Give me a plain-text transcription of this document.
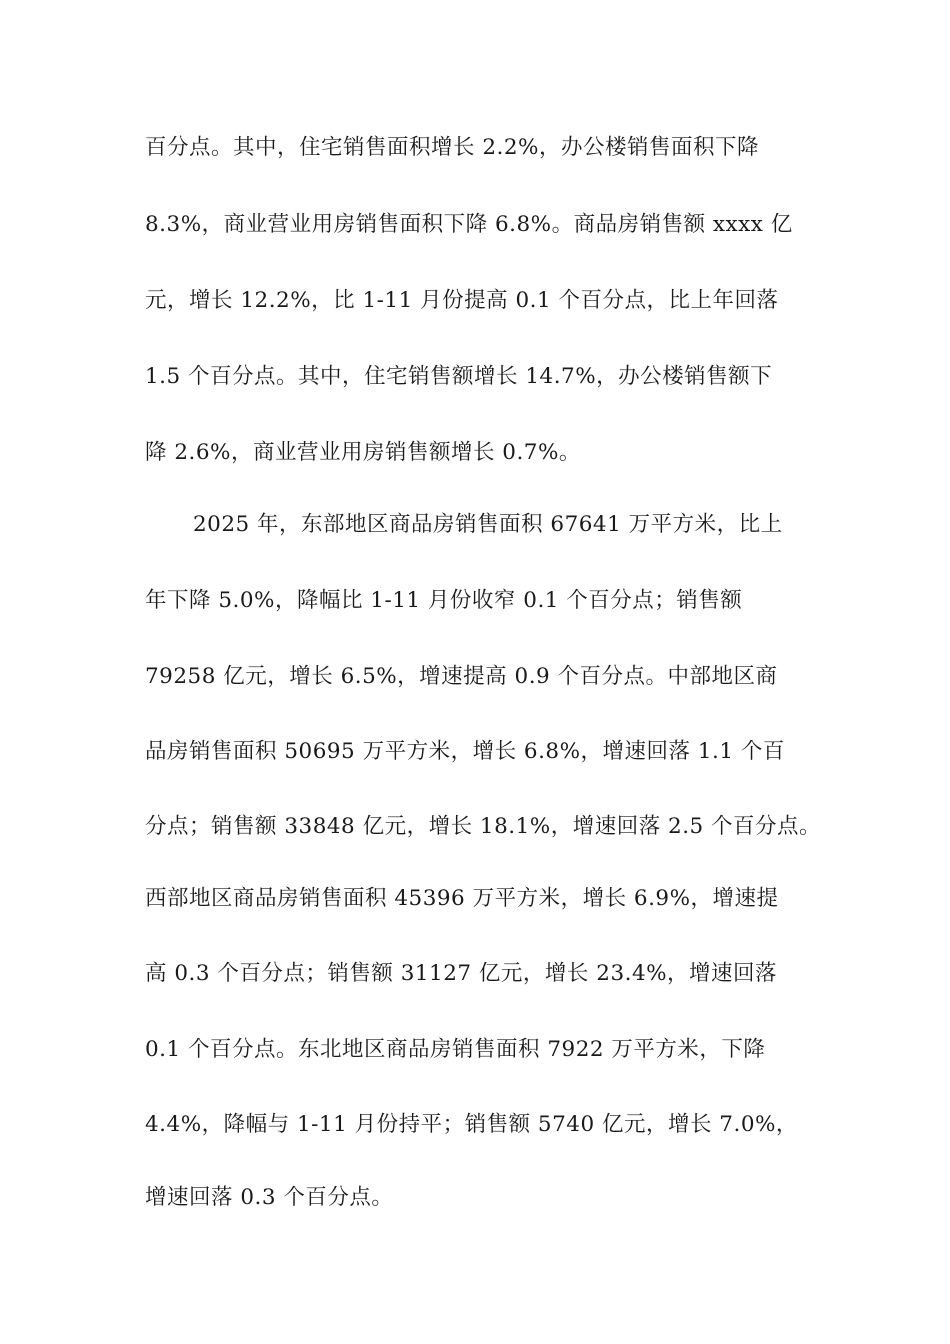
百分点。其中，住宅销售面积增长 2.2%，办公楼销售面积下降

8.3%，商业营业用房销售面积下降 6.8%。商品房销售额 xxxx 亿

元，增长 12.2%，比 1-11 月份提高 0.1 个百分点，比上年回落

1.5 个百分点。其中，住宅销售额增长 14.7%，办公楼销售额下

降 2.6%，商业营业用房销售额增长 0.7%。

2025 年，东部地区商品房销售面积 67641 万平方米，比上

年下降 5.0%，降幅比 1-11 月份收窄 0.1 个百分点；销售额

79258 亿元，增长 6.5%，增速提高 0.9 个百分点。中部地区商

品房销售面积 50695 万平方米，增长 6.8%，增速回落 1.1 个百

分点；销售额 33848 亿元，增长 18.1%，增速回落 2.5 个百分点。

西部地区商品房销售面积 45396 万平方米，增长 6.9%，增速提

高 0.3 个百分点；销售额 31127 亿元，增长 23.4%，增速回落

0.1 个百分点。东北地区商品房销售面积 7922 万平方米，下降

4.4%，降幅与 1-11 月份持平；销售额 5740 亿元，增长 7.0%，

增速回落 0.3 个百分点。
